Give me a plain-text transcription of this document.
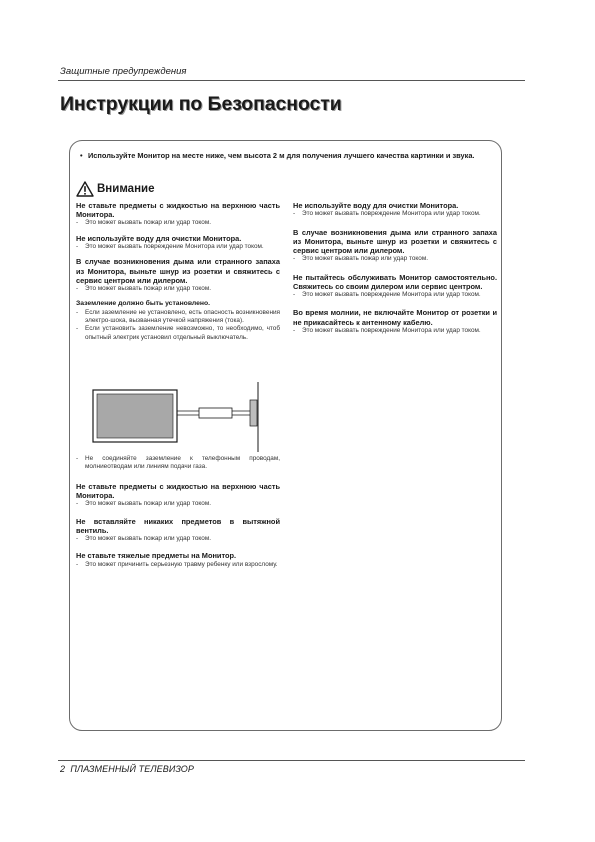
Защитные предупреждения
Инструкции по Безопасности
• Используйте Монитор на месте ниже, чем высота 2 м для получения лучшего качества картинки и звука.
Внимание
Не ставьте предметы с жидкостью на верхнюю часть Монитора.
- Это может вызвать пожар или удар током.
Не используйте воду для очистки Монитора.
- Это может вызвать повреждение Монитора или удар током.
В случае возникновения дыма или странного запаха из Монитора, выньте шнур из розетки и свяжитесь с сервис центром или дилером.
- Это может вызвать пожар или удар током.
Заземление должно быть установлено.
- Если заземление не установлено, есть опасность возникновения электро-шока, вызванная утечкой напряжения (тока).
- Если установить заземление невозможно, то необходимо, чтоб опытный электрик установил отдельный выключатель.
- Не соединяйте заземление к телефонным проводам, молниеотводам или линиям подачи газа.
Не ставьте предметы с жидкостью на верхнюю часть Монитора.
- Это может вызвать пожар или удар током.
Не вставляйте никаких предметов в вытяжной вентиль.
- Это может вызвать пожар или удар током.
Не ставьте тяжелые предметы на Монитор.
- Это может причинить серьезную травму ребенку или взрослому.
Не используйте воду для очистки Монитора.
- Это может вызвать повреждение Монитора или удар током.
В случае возникновения дыма или странного запаха из Монитора, выньте шнур из розетки и свяжитесь с сервис центром или дилером.
- Это может вызвать пожар или удар током.
Не пытайтесь обслуживать Монитор самостоятельно. Свяжитесь со своим дилером или сервис центром.
- Это может вызвать повреждение Монитора или удар током.
Во время молнии, не включайте Монитор от розетки и не прикасайтесь к антенному кабелю.
- Это может вызвать повреждение Монитора или удар током.
2 ПЛАЗМЕННЫЙ ТЕЛЕВИЗОР
